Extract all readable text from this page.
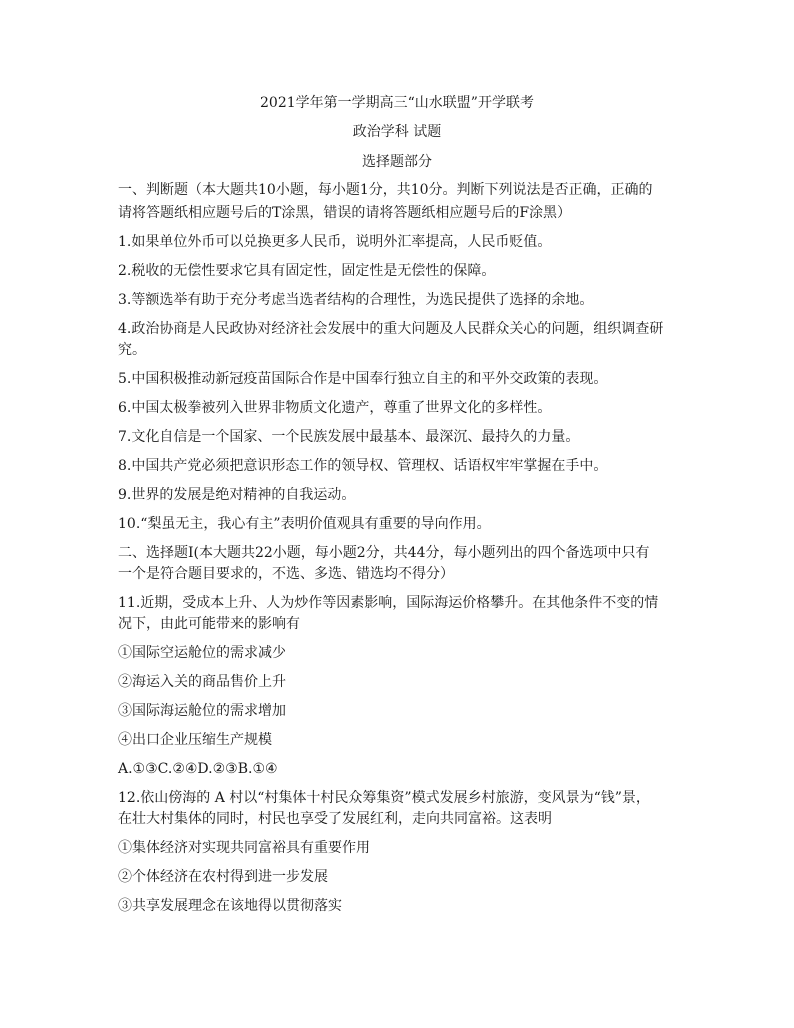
2021学年第一学期高三“山水联盟”开学联考
政治学科 试题
选择题部分
一、判断题（本大题共10小题，每小题1分，共10分。判断下列说法是否正确，正确的
请将答题纸相应题号后的T涂黑，错误的请将答题纸相应题号后的F涂黑）
1.如果单位外币可以兑换更多人民币，说明外汇率提高，人民币贬值。
2.税收的无偿性要求它具有固定性，固定性是无偿性的保障。
3.等额选举有助于充分考虑当选者结构的合理性，为选民提供了选择的余地。
4.政治协商是人民政协对经济社会发展中的重大问题及人民群众关心的问题，组织调查研
究。
5.中国积极推动新冠疫苗国际合作是中国奉行独立自主的和平外交政策的表现。
6.中国太极拳被列入世界非物质文化遗产，尊重了世界文化的多样性。
7.文化自信是一个国家、一个民族发展中最基本、最深沉、最持久的力量。
8.中国共产党必须把意识形态工作的领导权、管理权、话语权牢牢掌握在手中。
9.世界的发展是绝对精神的自我运动。
10.“梨虽无主，我心有主”表明价值观具有重要的导向作用。
二、选择题Ⅰ(本大题共22小题，每小题2分，共44分，每小题列出的四个备选项中只有
一个是符合题目要求的，不选、多选、错选均不得分）
11.近期，受成本上升、人为炒作等因素影响，国际海运价格攀升。在其他条件不变的情
况下，由此可能带来的影响有
①国际空运舱位的需求减少
②海运入关的商品售价上升
③国际海运舱位的需求增加
④出口企业压缩生产规模
A.①③C.②④D.②③B.①④
12.依山傍海的 A 村以“村集体十村民众筹集资”模式发展乡村旅游，变风景为“钱”景，
在壮大村集体的同时，村民也享受了发展红利，走向共同富裕。这表明
①集体经济对实现共同富裕具有重要作用
②个体经济在农村得到进一步发展
③共享发展理念在该地得以贯彻落实
